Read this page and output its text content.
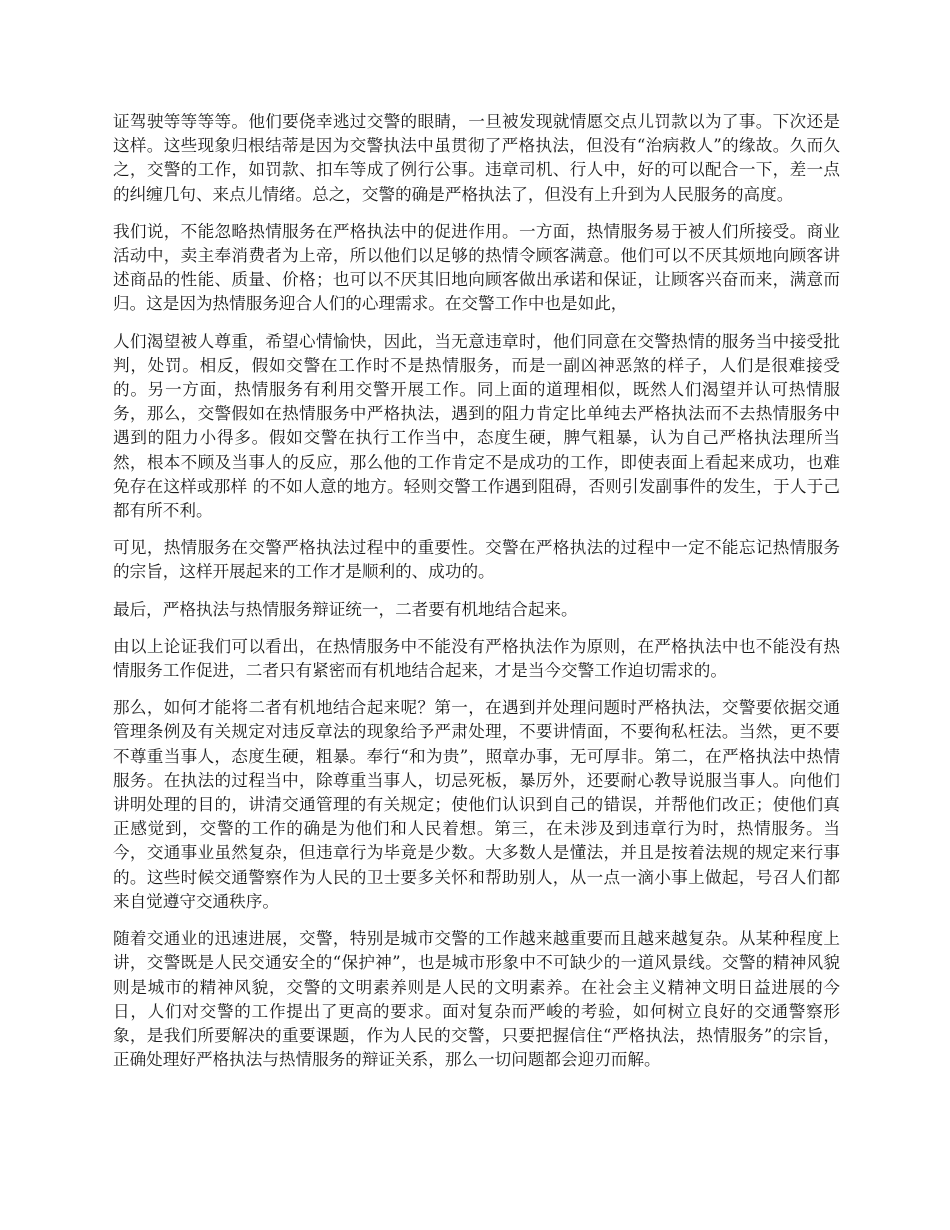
证驾驶等等等等。他们要侥幸逃过交警的眼睛，一旦被发现就情愿交点儿罚款以为了事。下次还是这样。这些现象归根结蒂是因为交警执法中虽贯彻了严格执法，但没有“治病救人”的缘故。久而久之，交警的工作，如罚款、扣车等成了例行公事。违章司机、行人中，好的可以配合一下，差一点的纠缠几句、来点儿情绪。总之，交警的确是严格执法了，但没有上升到为人民服务的高度。

我们说，不能忽略热情服务在严格执法中的促进作用。一方面，热情服务易于被人们所接受。商业活动中，卖主奉消费者为上帝，所以他们以足够的热情令顾客满意。他们可以不厌其烦地向顾客讲述商品的性能、质量、价格；也可以不厌其旧地向顾客做出承诺和保证，让顾客兴奋而来，满意而归。这是因为热情服务迎合人们的心理需求。在交警工作中也是如此，

人们渴望被人尊重，希望心情愉快，因此，当无意违章时，他们同意在交警热情的服务当中接受批判，处罚。相反，假如交警在工作时不是热情服务，而是一副凶神恶煞的样子，人们是很难接受的。另一方面，热情服务有利用交警开展工作。同上面的道理相似，既然人们渴望并认可热情服务，那么，交警假如在热情服务中严格执法，遇到的阻力肯定比单纯去严格执法而不去热情服务中遇到的阻力小得多。假如交警在执行工作当中，态度生硬，脾气粗暴，认为自己严格执法理所当然，根本不顾及当事人的反应，那么他的工作肯定不是成功的工作，即使表面上看起来成功，也难免存在这样或那样 的不如人意的地方。轻则交警工作遇到阻碍，否则引发副事件的发生，于人于己都有所不利。

可见，热情服务在交警严格执法过程中的重要性。交警在严格执法的过程中一定不能忘记热情服务的宗旨，这样开展起来的工作才是顺利的、成功的。

最后，严格执法与热情服务辩证统一，二者要有机地结合起来。

由以上论证我们可以看出，在热情服务中不能没有严格执法作为原则，在严格执法中也不能没有热情服务工作促进，二者只有紧密而有机地结合起来，才是当今交警工作迫切需求的。

那么，如何才能将二者有机地结合起来呢？第一，在遇到并处理问题时严格执法，交警要依据交通管理条例及有关规定对违反章法的现象给予严肃处理，不要讲情面，不要徇私枉法。当然，更不要不尊重当事人，态度生硬，粗暴。奉行“和为贵”，照章办事，无可厚非。第二，在严格执法中热情服务。在执法的过程当中，除尊重当事人，切忌死板，暴厉外，还要耐心教导说服当事人。向他们讲明处理的目的，讲清交通管理的有关规定；使他们认识到自己的错误，并帮他们改正；使他们真正感觉到，交警的工作的确是为他们和人民着想。第三，在未涉及到违章行为时，热情服务。当今，交通事业虽然复杂，但违章行为毕竟是少数。大多数人是懂法，并且是按着法规的规定来行事的。这些时候交通警察作为人民的卫士要多关怀和帮助别人，从一点一滴小事上做起，号召人们都来自觉遵守交通秩序。

随着交通业的迅速进展，交警，特别是城市交警的工作越来越重要而且越来越复杂。从某种程度上讲，交警既是人民交通安全的“保护神”，也是城市形象中不可缺少的一道风景线。交警的精神风貌则是城市的精神风貌，交警的文明素养则是人民的文明素养。在社会主义精神文明日益进展的今日，人们对交警的工作提出了更高的要求。面对复杂而严峻的考验，如何树立良好的交通警察形象，是我们所要解决的重要课题，作为人民的交警，只要把握信住“严格执法，热情服务”的宗旨，正确处理好严格执法与热情服务的辩证关系，那么一切问题都会迎刃而解。
